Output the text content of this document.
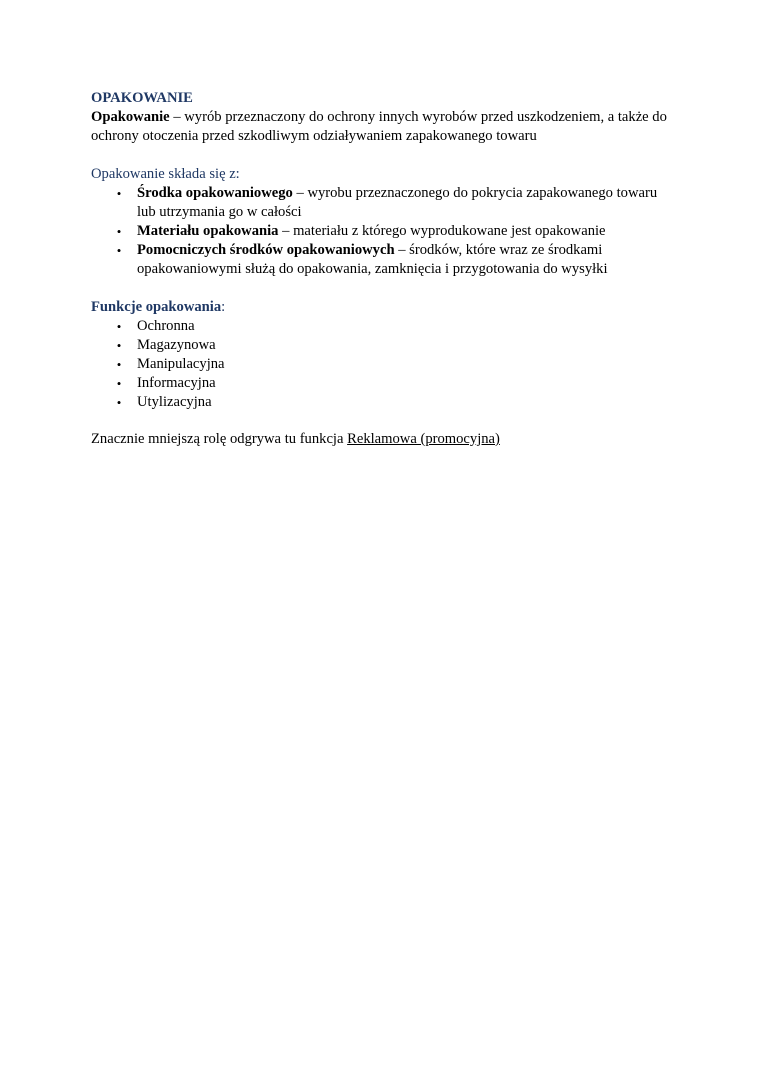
OPAKOWANIE
Opakowanie – wyrób przeznaczony do ochrony innych wyrobów przed uszkodzeniem, a także do ochrony otoczenia przed szkodliwym odziaływaniem zapakowanego towaru
Opakowanie składa się z:
• Środka opakowaniowego – wyrobu przeznaczonego do pokrycia zapakowanego towaru lub utrzymania go w całości
• Materiału opakowania – materiału z którego wyprodukowane jest opakowanie
• Pomocniczych środków opakowaniowych – środków, które wraz ze środkami opakowaniowymi służą do opakowania, zamknięcia i przygotowania do wysyłki
Funkcje opakowania:
• Ochronna
• Magazynowa
• Manipulacyjna
• Informacyjna
• Utylizacyjna
Znacznie mniejszą rolę odgrywa tu funkcja Reklamowa (promocyjna)
